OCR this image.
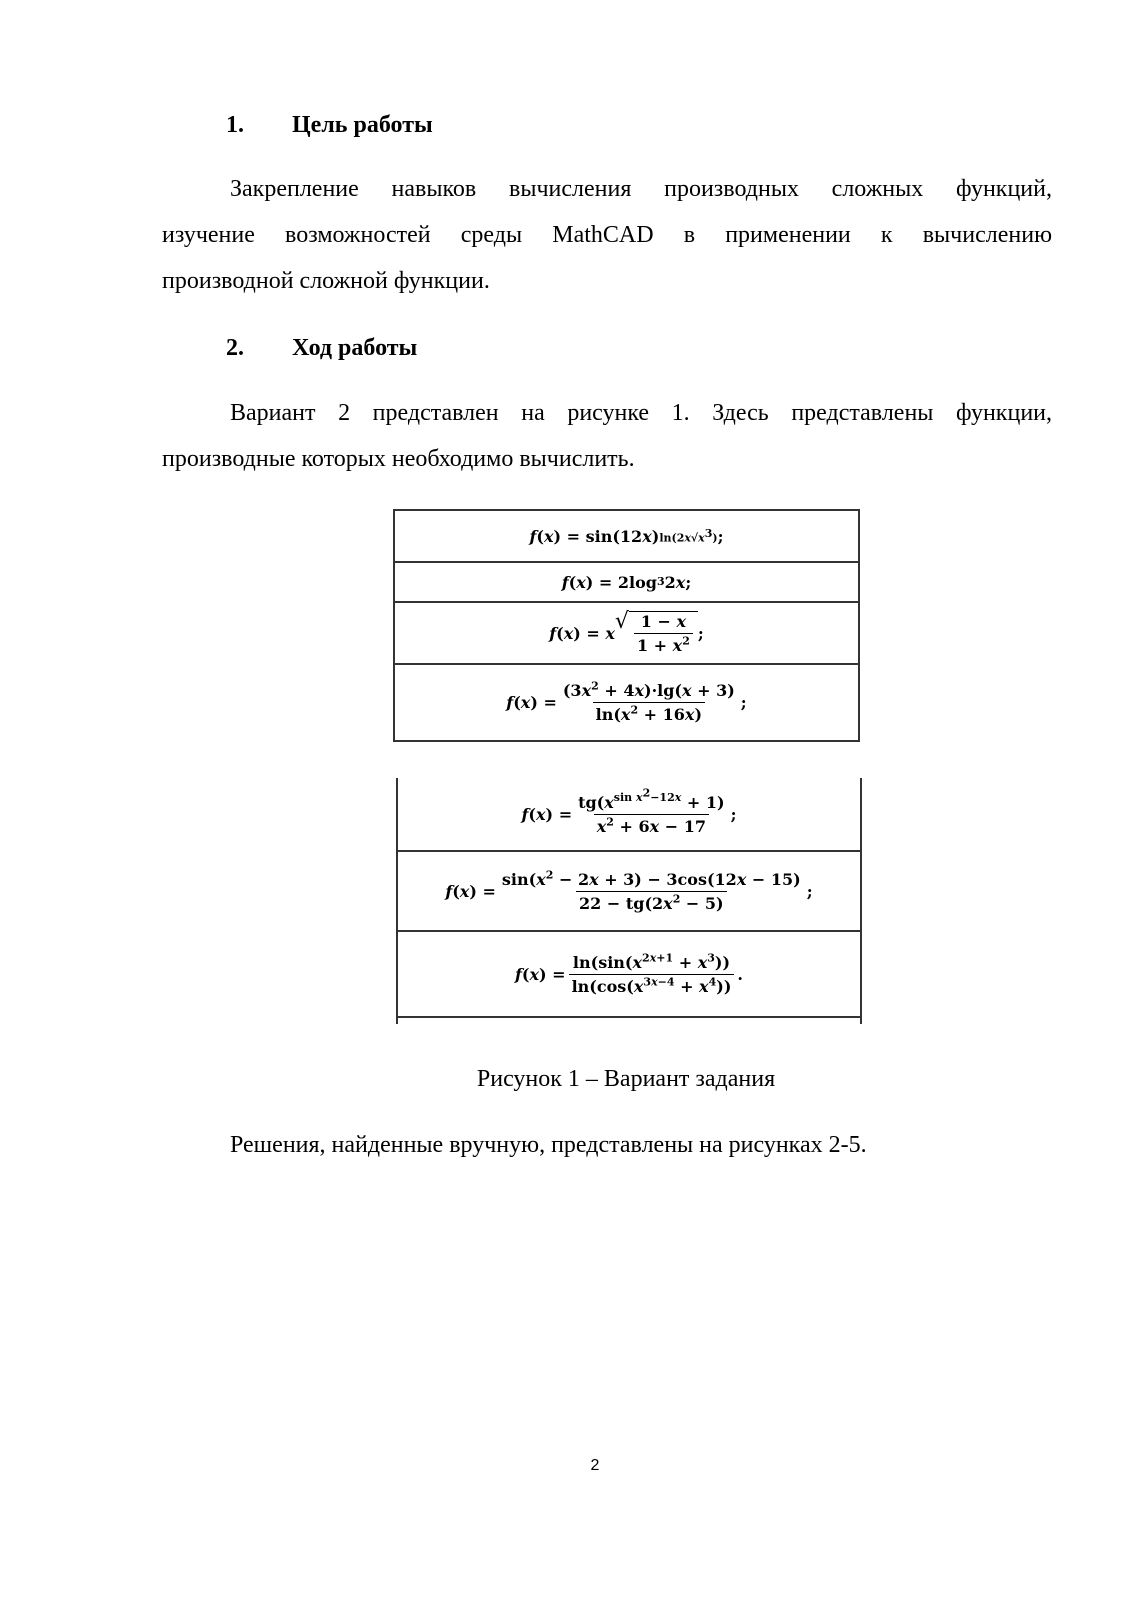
1. Цель работы
Закрепление навыков вычисления производных сложных функций,
изучение возможностей среды MathCAD в применении к вычислению
производной сложной функции.
2. Ход работы
Вариант 2 представлен на рисунке 1. Здесь представлены функции,
производные которых необходимо вычислить.
f ( x ) = sin(12 x ) $\ln(2x√x^3)$ ;
f ( x ) = 2log 3 2 x ;
f ( x ) = x √ $\frac{1 - x}{1 + x^2}$ ;
f ( x ) = $\frac{(3x^2 + 4x)\cdot\lg(x + 3)}{\ln(x^2 + 16x)}$ ;
f ( x ) = $\frac{tg(x^{sin x^2-12x} + 1)}{x^2 + 6x - 17}$ ;
f ( x ) = $\frac{\sin(x^2 - 2x + 3) - 3\cos(12x - 15)}{22 - tg(2x^2 - 5)}$ ;
f ( x ) = $\frac{\ln(\sin(x^{2x+1} + x^3))}{\ln(\cos(x^{3x-4} + x^4))}$ .
Рисунок 1 – Вариант задания
Решения, найденные вручную, представлены на рисунках 2-5.
2
